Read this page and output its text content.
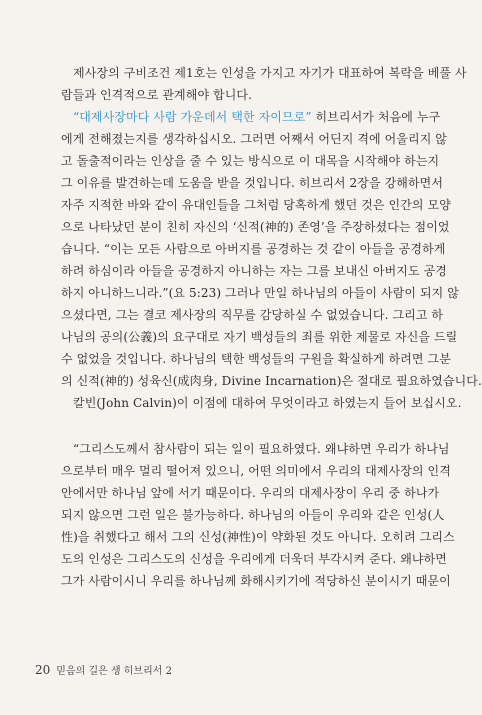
제사장의 구비조건 제1호는 인성을 가지고 자기가 대표하여 복락을 베풀 사
람들과 인격적으로 관계해야 합니다.
“대제사장마다 사람 가운데서 택한 자이므로” 히브리서가 처음에 누구
에게 전해졌는지를 생각하십시오. 그러면 어째서 어딘지 격에 어울리지 않
고 돌출적이라는 인상을 줄 수 있는 방식으로 이 대목을 시작해야 하는지
그 이유를 발견하는데 도움을 받을 것입니다. 히브리서 2장을 강해하면서
자주 지적한 바와 같이 유대인들을 그처럼 당혹하게 했던 것은 인간의 모양
으로 나타났던 분이 친히 자신의 ‘신적(神的) 존영’을 주장하셨다는 점이었
습니다. “이는 모든 사람으로 아버지를 공경하는 것 같이 아들을 공경하게
하려 하심이라 아들을 공경하지 아니하는 자는 그를 보내신 아버지도 공경
하지 아니하느니라.”(요 5:23) 그러나 만일 하나님의 아들이 사람이 되지 않
으셨다면, 그는 결코 제사장의 직무를 감당하실 수 없었습니다. 그리고 하
나님의 공의(公義)의 요구대로 자기 백성들의 죄를 위한 제물로 자신을 드릴
수 없었을 것입니다. 하나님의 택한 백성들의 구원을 확실하게 하려면 그분
의 신적(神的) 성육신(成肉身, Divine Incarnation)은 절대로 필요하였습니다.
칼빈(John Calvin)이 이점에 대하여 무엇이라고 하였는지 들어 보십시오.
“그리스도께서 참사람이 되는 일이 필요하였다. 왜냐하면 우리가 하나님
으로부터 매우 멀리 떨어져 있으니, 어떤 의미에서 우리의 대제사장의 인격
안에서만 하나님 앞에 서기 때문이다. 우리의 대제사장이 우리 중 하나가
되지 않으면 그런 일은 불가능하다. 하나님의 아들이 우리와 같은 인성(人
性)을 취했다고 해서 그의 신성(神性)이 약화된 것도 아니다. 오히려 그리스
도의 인성은 그리스도의 신성을 우리에게 더욱더 부각시켜 준다. 왜냐하면
그가 사람이시니 우리를 하나님께 화해시키기에 적당하신 분이시기 때문이
20 믿음의 길은 생 히브리서 2
